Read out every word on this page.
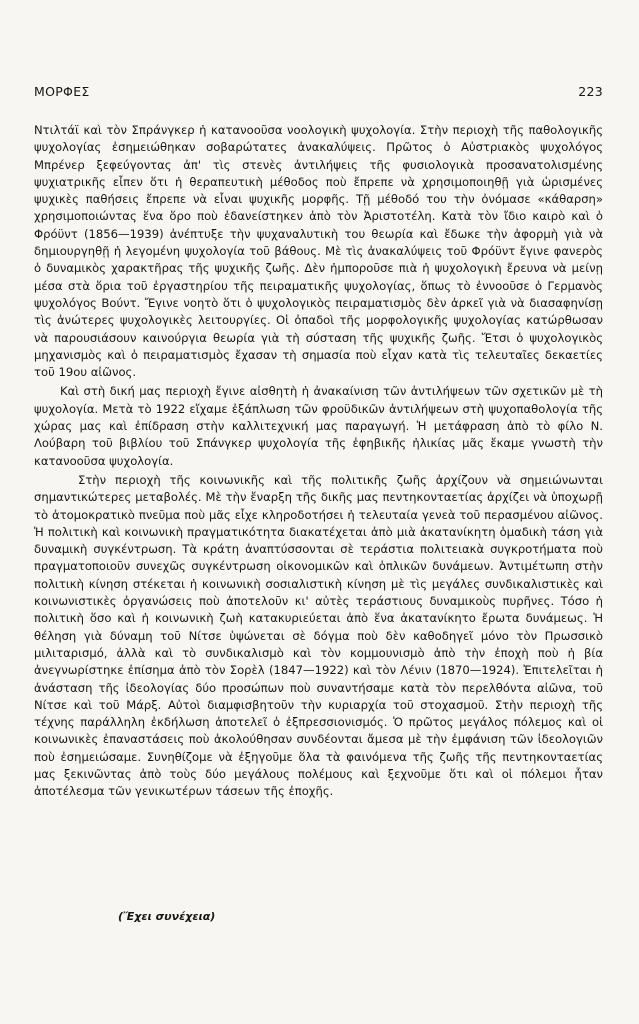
ΜΟΡΦΕΣ	223

Ντιλτάϊ καὶ τὸν Σπράνγκερ ἡ κατανοοῦσα νοολογικὴ ψυχολογία. Στὴν περιοχὴ τῆς παθολογικῆς ψυχολογίας ἐσημειώθηκαν σοβαρώτατες ἀνακαλύψεις. Πρῶτος ὁ Αὐστριακὸς ψυχολόγος Μπρένερ ξεφεύγοντας ἀπ' τὶς στενὲς ἀντιλήψεις τῆς φυσιολογικὰ προσανατολισμένης ψυχιατρικῆς εἶπεν ὅτι ἡ θεραπευτικὴ μέθοδος ποὺ ἔπρεπε νὰ χρησιμοποιηθῇ γιὰ ὡρισμένες ψυχικὲς παθήσεις ἔπρεπε νὰ εἶναι ψυχικῆς μορφῆς. Τῇ μέθοδό του τὴν ὀνόμασε «κάθαρση» χρησιμοποιώντας ἕνα ὅρο ποὺ ἐδανείστηκεν ἀπὸ τὸν Ἀριστοτέλη. Κατὰ τὸν ἴδιο καιρὸ καὶ ὁ Φρόϋντ (1856—1939) ἀνέπτυξε τὴν ψυχαναλυτικὴ του θεωρία καὶ ἔδωκε τὴν ἀφορμὴ γιὰ νὰ δημιουργηθῇ ἡ λεγομένη ψυχολογία τοῦ βάθους. Μὲ τὶς ἀνακαλύψεις τοῦ Φρόϋντ ἔγινε φανερὸς ὁ δυναμικὸς χαρακτῆρας τῆς ψυχικῆς ζωῆς. Δὲν ἠμποροῦσε πιὰ ἡ ψυχολογικὴ ἔρευνα νὰ μείνῃ μέσα στὰ ὅρια τοῦ ἐργαστηρίου τῆς πειραματικῆς ψυχολογίας, ὅπως τὸ ἐννοοῦσε ὁ Γερμανὸς ψυχολόγος Βούντ. Ἔγινε νοητὸ ὅτι ὁ ψυχολογικὸς πειραματισμὸς δὲν ἀρκεῖ γιὰ νὰ διασαφηνίσῃ τὶς ἀνώτερες ψυχολογικὲς λειτουργίες. Οἱ ὀπαδοὶ τῆς μορφολογικῆς ψυχολογίας κατώρθωσαν νὰ παρουσιάσουν καινούργια θεωρία γιὰ τὴ σύσταση τῆς ψυχικῆς ζωῆς. Ἔτσι ὁ ψυχολογικὸς μηχανισμὸς καὶ ὁ πειραματισμὸς ἔχασαν τὴ σημασία ποὺ εἶχαν κατὰ τὶς τελευταῖες δεκαετίες τοῦ 19ου αἰῶνος.

Καὶ στὴ δική μας περιοχὴ ἔγινε αἰσθητὴ ἡ ἀνακαίνιση τῶν ἀντιλήψεων τῶν σχετικῶν μὲ τὴ ψυχολογία. Μετὰ τὸ 1922 εἴχαμε ἐξάπλωση τῶν φροϋδικῶν ἀντιλήψεων στὴ ψυχοπαθολογία τῆς χώρας μας καὶ ἐπίδραση στὴν καλλιτεχνική μας παραγωγή. Ἡ μετάφραση ἀπὸ τὸ φίλο Ν. Λούβαρη τοῦ βιβλίου τοῦ Σπάνγκερ ψυχολογία τῆς ἐφηβικῆς ἡλικίας μᾶς ἔκαμε γνωστὴ τὴν κατανοοῦσα ψυχολογία.

Στὴν περιοχὴ τῆς κοινωνικῆς καὶ τῆς πολιτικῆς ζωῆς ἀρχίζουν νὰ σημειώνωνται σημαντικώτερες μεταβολές. Μὲ τὴν ἔναρξη τῆς δικῆς μας πεντηκονταετίας ἀρχίζει νὰ ὑποχωρῇ τὸ ἀτομοκρατικὸ πνεῦμα ποὺ μᾶς εἶχε κληροδοτήσει ἡ τελευταία γενεὰ τοῦ περασμένου αἰῶνος. Ἡ πολιτικὴ καὶ κοινωνικὴ πραγματικότητα διακατέχεται ἀπὸ μιὰ ἀκατανίκητη ὁμαδικὴ τάση γιὰ δυναμικὴ συγκέντρωση. Τὰ κράτη ἀναπτύσσονται σὲ τεράστια πολιτειακὰ συγκροτήματα ποὺ πραγματοποιοῦν συνεχῶς συγκέντρωση οἰκονομικῶν καὶ ὁπλικῶν δυνάμεων. Ἀντιμέτωπη στὴν πολιτικὴ κίνηση στέκεται ἡ κοινωνικὴ σοσιαλιστικὴ κίνηση μὲ τὶς μεγάλες συνδικαλιστικὲς καὶ κοινωνιστικὲς ὀργανώσεις ποὺ ἀποτελοῦν κι' αὐτὲς τεράστιους δυναμικοὺς πυρῆνες. Τόσο ἡ πολιτικὴ ὅσο καὶ ἡ κοινωνικὴ ζωὴ κατακυριεύεται ἀπὸ ἕνα ἀκατανίκητο ἔρωτα δυνάμεως. Ἡ θέληση γιὰ δύναμη τοῦ Νίτσε ὑψώνεται σὲ δόγμα ποὺ δὲν καθοδηγεῖ μόνο τὸν Πρωσσικὸ μιλιταρισμό, ἀλλὰ καὶ τὸ συνδικαλισμὸ καὶ τὸν κομμουνισμὸ ἀπὸ τὴν ἐποχὴ ποὺ ἡ βία ἀνεγνωρίστηκε ἐπίσημα ἀπὸ τὸν Σορὲλ (1847—1922) καὶ τὸν Λένιν (1870—1924). Ἐπιτελεῖται ἡ ἀνάσταση τῆς ἰδεολογίας δύο προσώπων ποὺ συναντήσαμε κατὰ τὸν περελθόντα αἰῶνα, τοῦ Νίτσε καὶ τοῦ Μάρξ. Αὐτοὶ διαμφισβητοῦν τὴν κυριαρχία τοῦ στοχασμοῦ. Στὴν περιοχὴ τῆς τέχνης παράλληλη ἐκδήλωση ἀποτελεῖ ὁ ἐξπρεσσιονισμός. Ὁ πρῶτος μεγάλος πόλεμος καὶ οἱ κοινωνικὲς ἐπαναστάσεις ποὺ ἀκολούθησαν συνδέονται ἄμεσα μὲ τὴν ἐμφάνιση τῶν ἰδεολογιῶν ποὺ ἐσημειώσαμε. Συνηθίζομε νὰ ἐξηγοῦμε ὅλα τὰ φαινόμενα τῆς ζωῆς τῆς πεντηκονταετίας μας ξεκινῶντας ἀπὸ τοὺς δύο μεγάλους πολέμους καὶ ξεχνοῦμε ὅτι καὶ οἱ πόλεμοι ἦταν ἀποτέλεσμα τῶν γενικωτέρων τάσεων τῆς ἐποχῆς.

(Ἔχει συνέχεια)
